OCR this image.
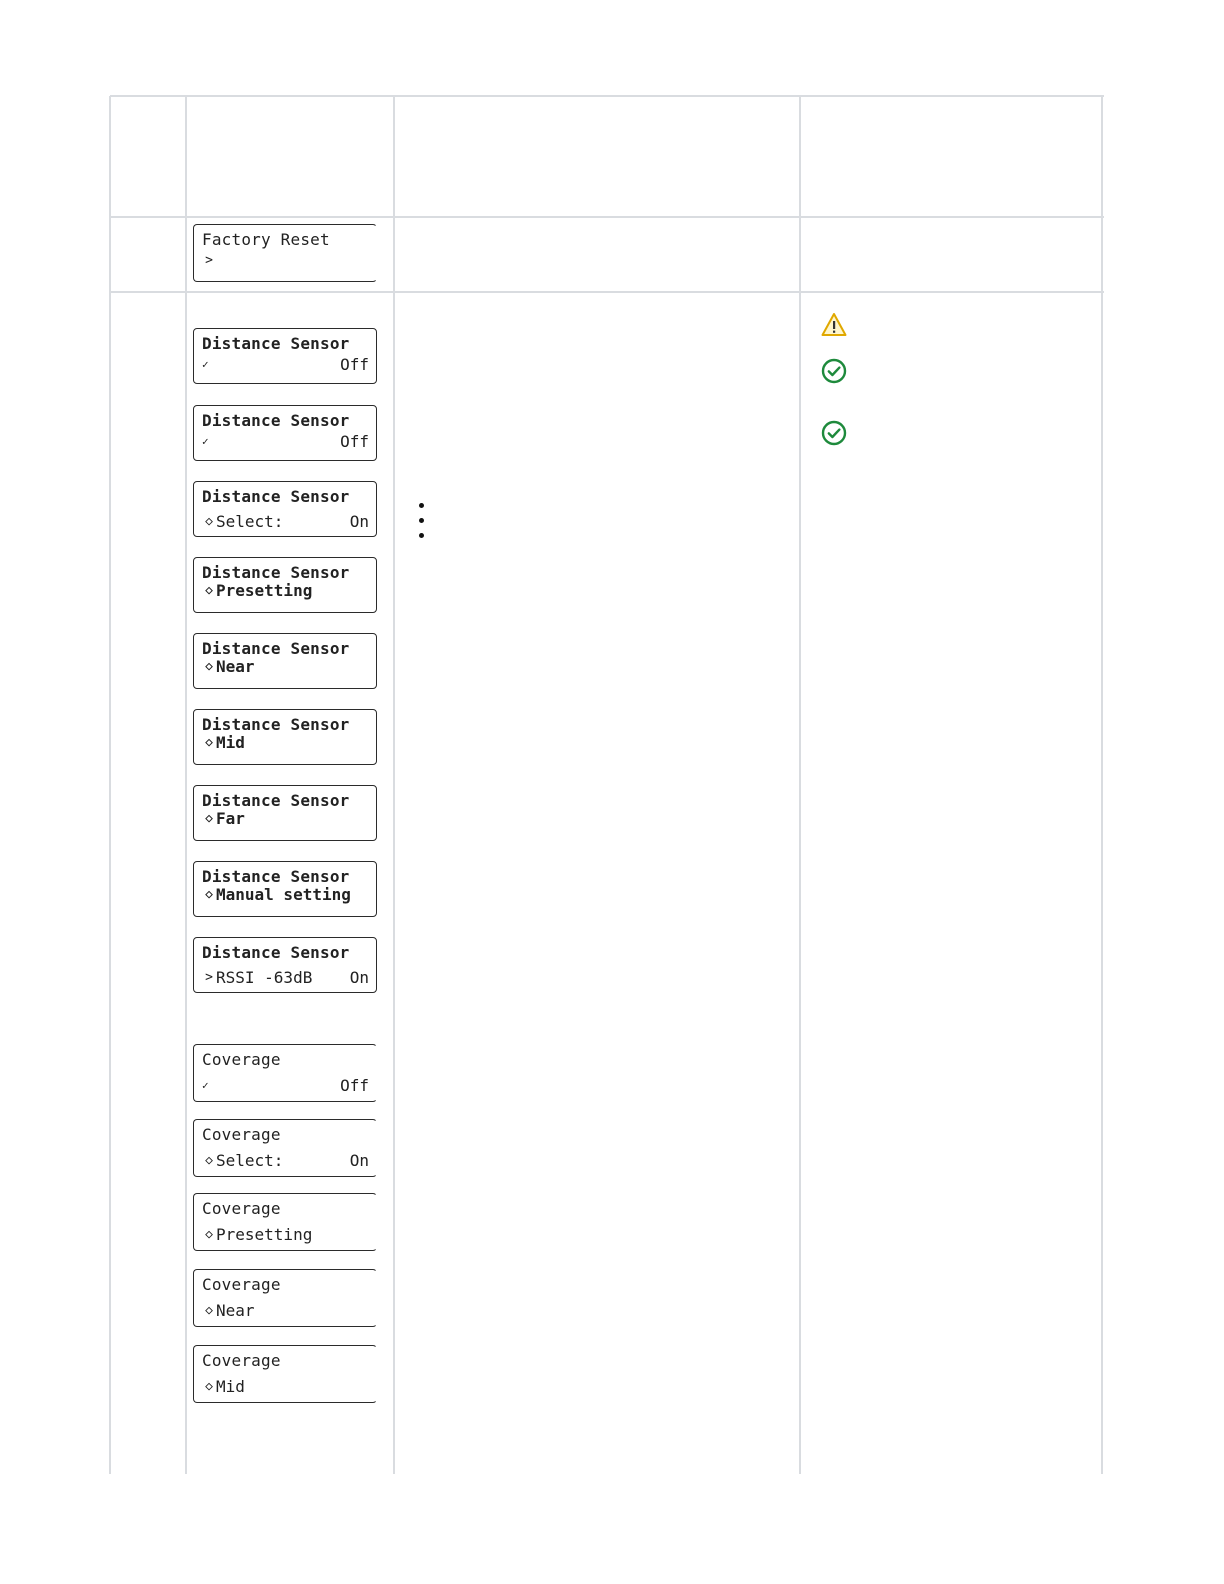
Factory Reset
>
Distance Sensor
✓	Off
Distance Sensor
✓	Off
Distance Sensor
◇ Select:	On
Distance Sensor
◇ Presetting
Distance Sensor
◇ Near
Distance Sensor
◇ Mid
Distance Sensor
◇ Far
Distance Sensor
◇ Manual setting
Distance Sensor
> RSSI -63dB On
Coverage
✓	Off
Coverage
◇ Select:	On
Coverage
◇ Presetting
Coverage
◇ Near
Coverage
◇ Mid
